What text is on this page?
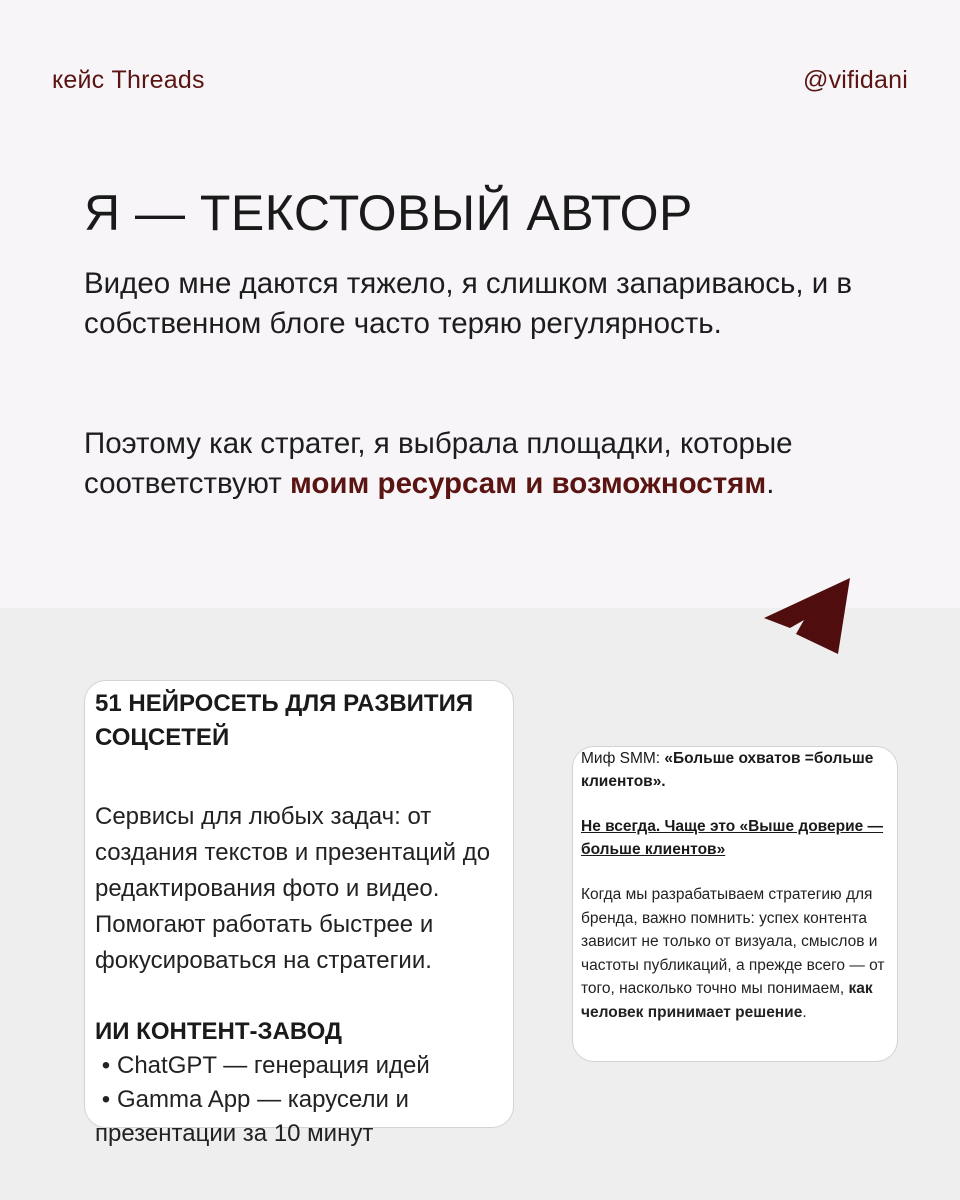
кейс Threads	@vifidani
Я — ТЕКСТОВЫЙ АВТОР

Видео мне даются тяжело, я слишком запариваюсь, и в собственном блоге часто теряю регулярность.

Поэтому как стратег, я выбрала площадки, которые соответствуют моим ресурсам и возможностям.

51 НЕЙРОСЕТЬ ДЛЯ РАЗВИТИЯ СОЦСЕТЕЙ

Сервисы для любых задач: от создания текстов и презентаций до редактирования фото и видео. Помогают работать быстрее и фокусироваться на стратегии.

ИИ КОНТЕНТ-ЗАВОД

• ChatGPT — генерация идей
• Gamma App — карусели и презентации за 10 минут

Миф SMM: «Больше охватов =больше клиентов».

Не всегда. Чаще это «Выше доверие — больше клиентов»

Когда мы разрабатываем стратегию для бренда, важно помнить: успех контента зависит не только от визуала, смыслов и частоты публикаций, а прежде всего — от того, насколько точно мы понимаем, как человек принимает решение.
